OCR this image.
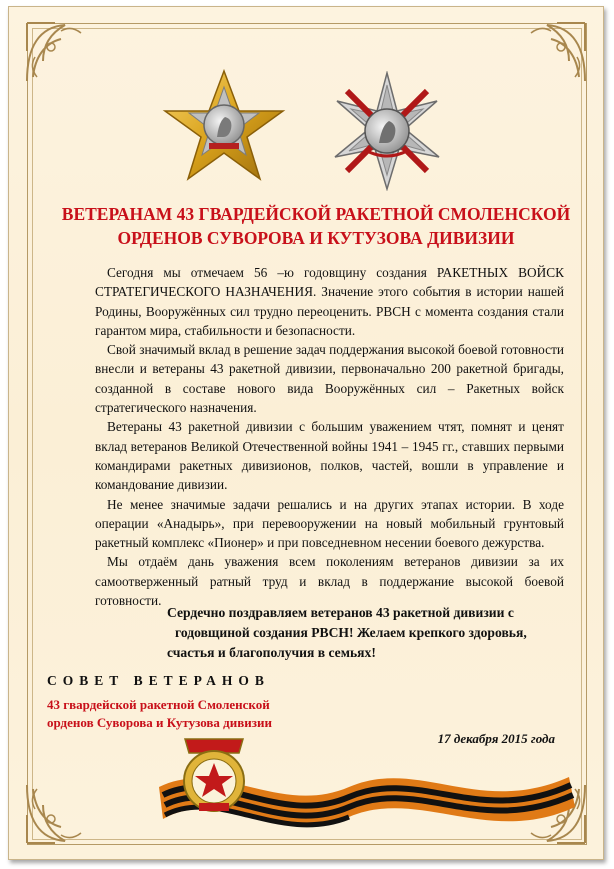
ВЕТЕРАНАМ 43 ГВАРДЕЙСКОЙ РАКЕТНОЙ СМОЛЕНСКОЙ

ОРДЕНОВ СУВОРОВА И КУТУЗОВА ДИВИЗИИ

Сегодня мы отмечаем 56 –ю годовщину создания РАКЕТНЫХ ВОЙСК СТРАТЕГИЧЕСКОГО НАЗНАЧЕНИЯ. Значение этого события в истории нашей Родины, Вооружённых сил трудно переоценить. РВСН с момента создания стали гарантом мира, стабильности и безопасности.

Свой значимый вклад в решение задач поддержания высокой боевой готовности внесли и ветераны 43 ракетной дивизии, первоначально 200 ракетной бригады, созданной в составе нового вида Вооружённых сил – Ракетных войск стратегического назначения.

Ветераны 43 ракетной дивизии с большим уважением чтят, помнят и ценят вклад ветеранов Великой Отечественной войны 1941 – 1945 гг., ставших первыми командирами ракетных дивизионов, полков, частей, вошли в управление и командование дивизии.

Не менее значимые задачи решались и на других этапах истории. В ходе операции «Анадырь», при перевооружении на новый мобильный грунтовый ракетный комплекс «Пионер» и при повседневном несении боевого дежурства.

Мы отдаём дань уважения всем поколениям ветеранов дивизии за их самоотверженный ратный труд и вклад в поддержание высокой боевой готовности.

Сердечно поздравляем ветеранов 43 ракетной дивизии с

годовщиной создания РВСН! Желаем крепкого здоровья,

счастья и благополучия в семьях!

СОВЕТ ВЕТЕРАНОВ
43 гвардейской ракетной Смоленской
орденов Суворова и Кутузова дивизии
17 декабря 2015 года
